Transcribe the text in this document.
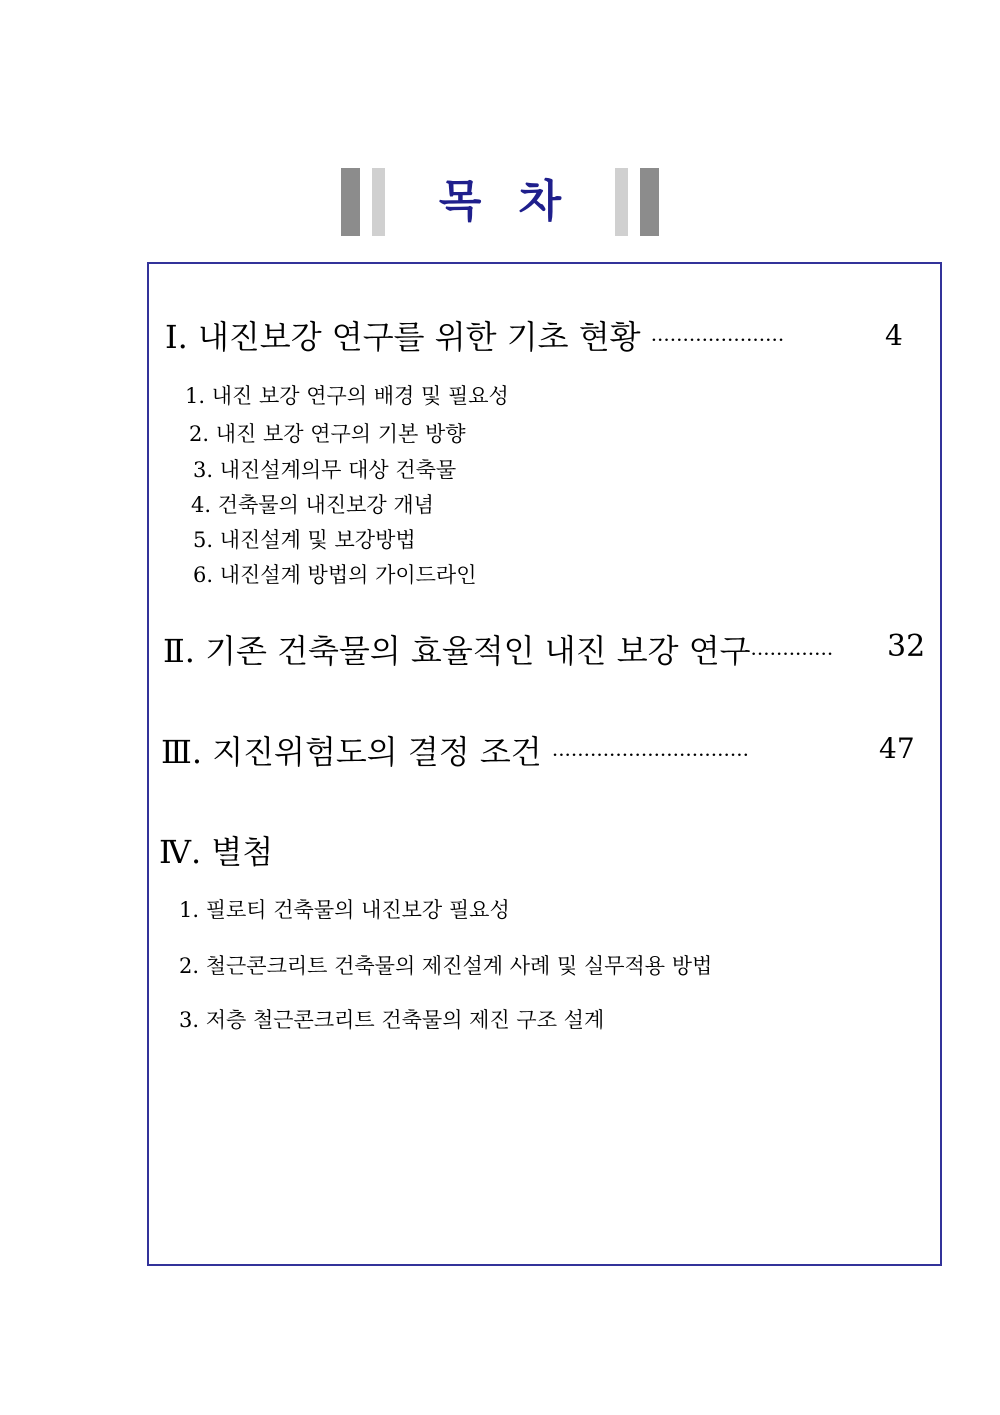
목 차
Ⅰ. 내진보강 연구를 위한 기초 현황 ·····················	4
1. 내진 보강 연구의 배경 및 필요성
2. 내진 보강 연구의 기본 방향
3. 내진설계의무 대상 건축물
4. 건축물의 내진보강 개념
5. 내진설계 및 보강방법
6. 내진설계 방법의 가이드라인
Ⅱ. 기존 건축물의 효율적인 내진 보강 연구············· 32
Ⅲ. 지진위험도의 결정 조건 ·······························	47
Ⅳ. 별첨
1. 필로티 건축물의 내진보강 필요성
2. 철근콘크리트 건축물의 제진설계 사례 및 실무적용 방법
3. 저층 철근콘크리트 건축물의 제진 구조 설계
